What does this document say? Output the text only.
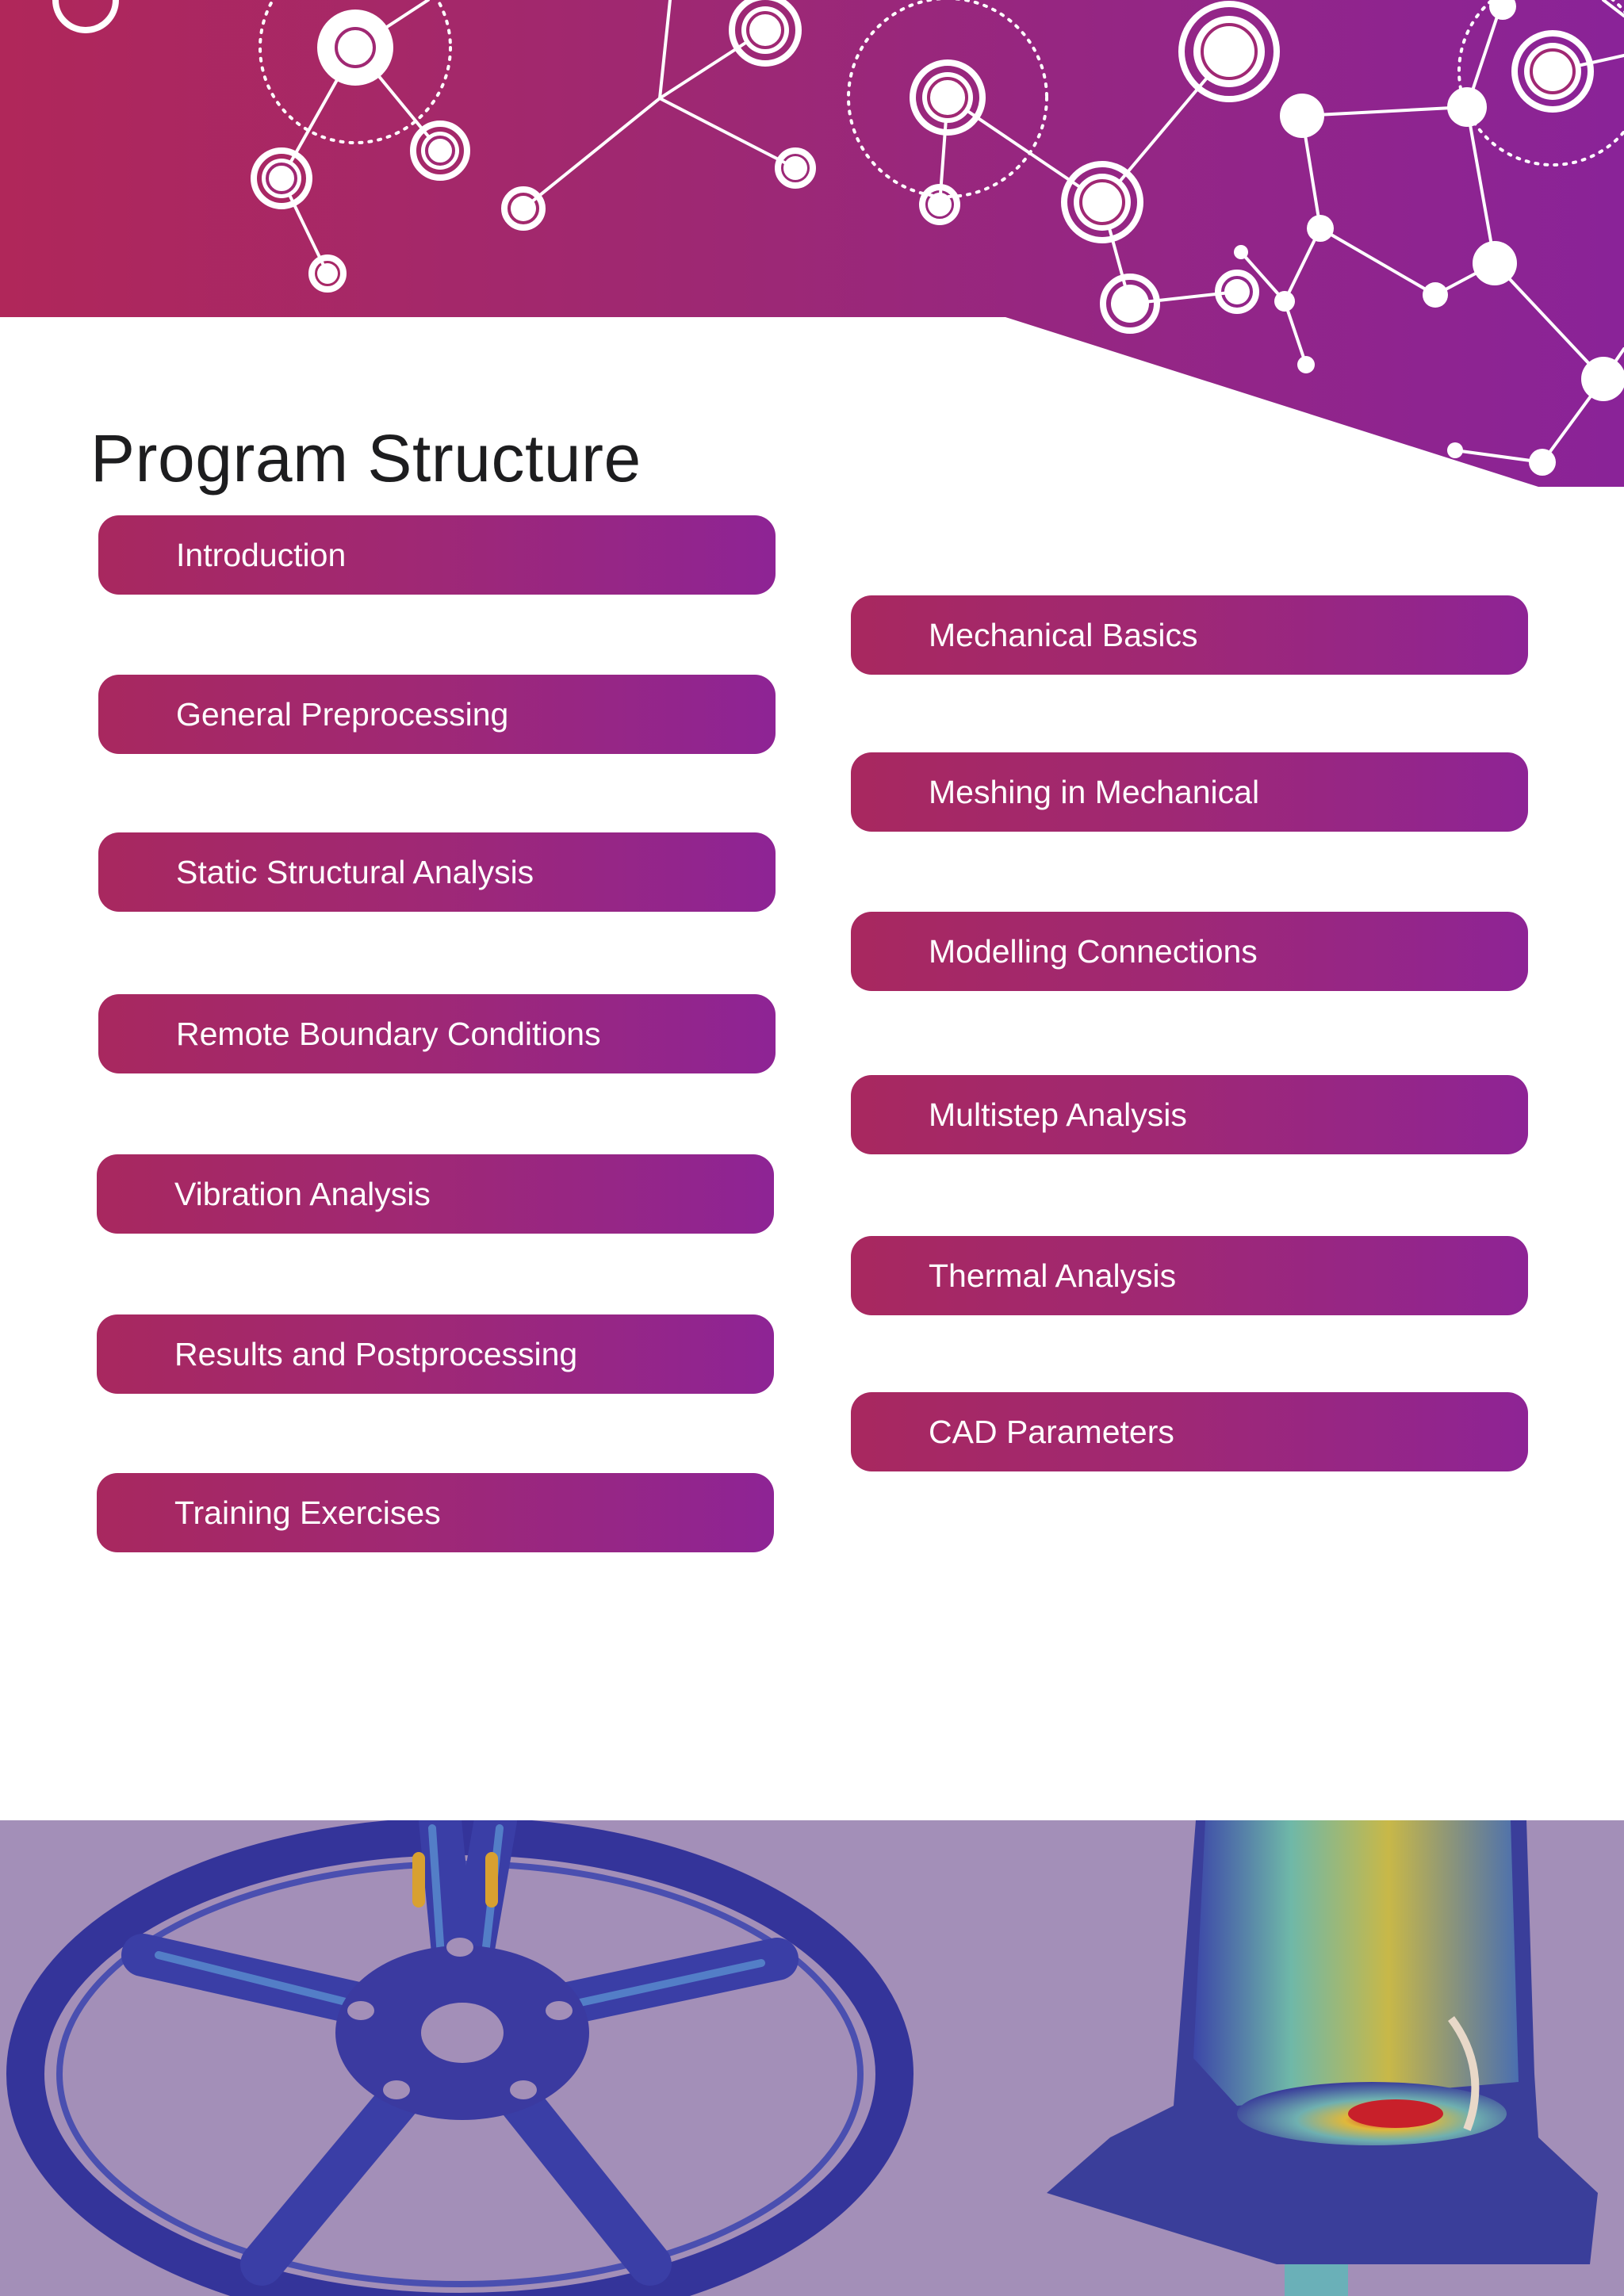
Program Structure
Introduction
General Preprocessing
Static Structural Analysis
Remote Boundary Conditions
Vibration Analysis
Results and Postprocessing
Training Exercises
Mechanical Basics
Meshing in Mechanical
Modelling Connections
Multistep Analysis
Thermal Analysis
CAD Parameters
